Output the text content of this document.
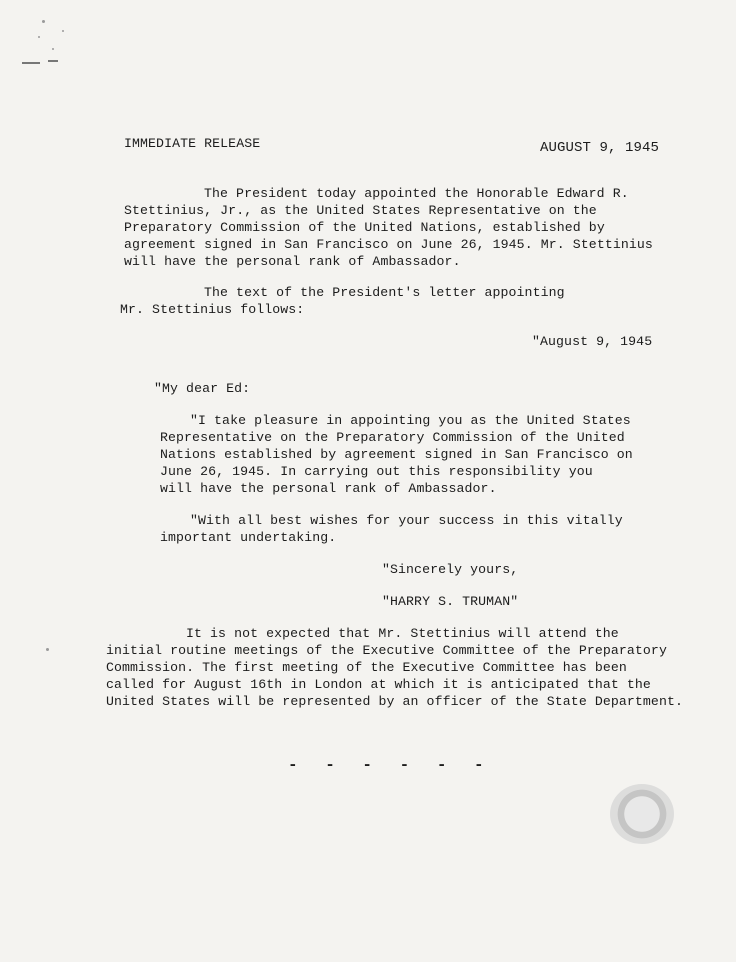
IMMEDIATE RELEASE	AUGUST 9, 1945
The President today appointed the Honorable Edward R.
Stettinius, Jr., as the United States Representative on the
Preparatory Commission of the United Nations, established by
agreement signed in San Francisco on June 26, 1945. Mr. Stettinius
will have the personal rank of Ambassador.
The text of the President's letter appointing
Mr. Stettinius follows:
"August 9, 1945
"My dear Ed:
"I take pleasure in appointing you as the United States
Representative on the Preparatory Commission of the United
Nations established by agreement signed in San Francisco on
June 26, 1945. In carrying out this responsibility you
will have the personal rank of Ambassador.
"With all best wishes for your success in this vitally
important undertaking.
"Sincerely yours,
"HARRY S. TRUMAN"
It is not expected that Mr. Stettinius will attend the
initial routine meetings of the Executive Committee of the Preparatory
Commission. The first meeting of the Executive Committee has been
called for August 16th in London at which it is anticipated that the
United States will be represented by an officer of the State Department.
- - - - - -
